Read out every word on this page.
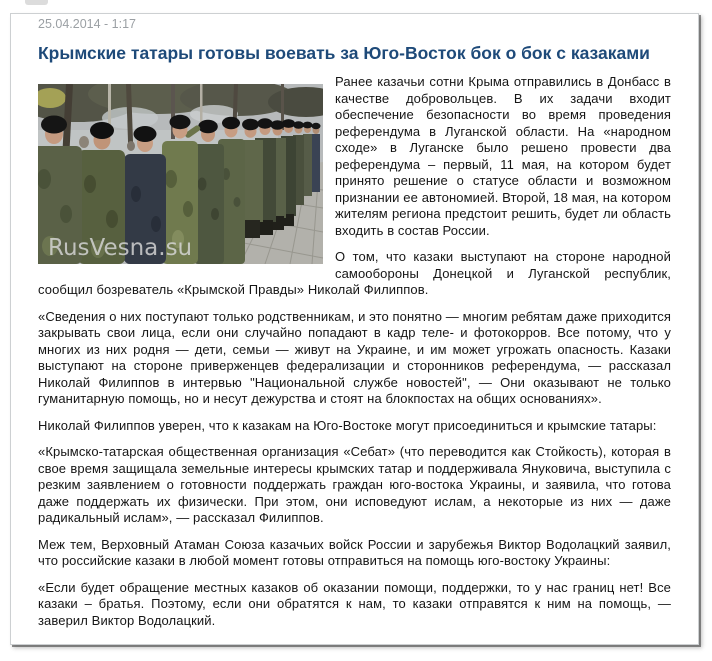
25.04.2014 - 1:17
Крымские татары готовы воевать за Юго-Восток бок о бок с казаками
RusVesna.su

Ранее казачьи сотни Крыма отправились в Донбасс в качестве добровольцев. В их задачи входит обеспечение безопасности во время проведения референдума в Луганской области. На «народном сходе» в Луганске было решено провести два референдума – первый, 11 мая, на котором будет принято решение о статусе области и возможном признании ее автономией. Второй, 18 мая, на котором жителям региона предстоит решить, будет ли область входить в состав России.

О том, что казаки выступают на стороне народной самообороны Донецкой и Луганской республик, сообщил бозреватель «Крымской Правды» Николай Филиппов.

«Сведения о них поступают только родственникам, и это понятно — многим ребятам даже приходится закрывать свои лица, если они случайно попадают в кадр теле- и фотокорров. Все потому, что у многих из них родня — дети, семьи — живут на Украине, и им может угрожать опасность. Казаки выступают на стороне приверженцев федерализации и сторонников референдума, — рассказал Николай Филиппов в интервью "Национальной службе новостей", — Они оказывают не только гуманитарную помощь, но и несут дежурства и стоят на блокпостах на общих основаниях».

Николай Филиппов уверен, что к казакам на Юго-Востоке могут присоединиться и крымские татары:

«Крымско-татарская общественная организация «Себат» (что переводится как Стойкость), которая в свое время защищала земельные интересы крымских татар и поддерживала Януковича, выступила с резким заявлением о готовности поддержать граждан юго-востока Украины, и заявила, что готова даже поддержать их физически. При этом, они исповедуют ислам, а некоторые из них — даже радикальный ислам», — рассказал Филиппов.

Меж тем, Верховный Атаман Союза казачьих войск России и зарубежья Виктор Водолацкий заявил, что российские казаки в любой момент готовы отправиться на помощь юго-востоку Украины:

«Если будет обращение местных казаков об оказании помощи, поддержки, то у нас границ нет! Все казаки – братья. Поэтому, если они обратятся к нам, то казаки отправятся к ним на помощь, — заверил Виктор Водолацкий.
